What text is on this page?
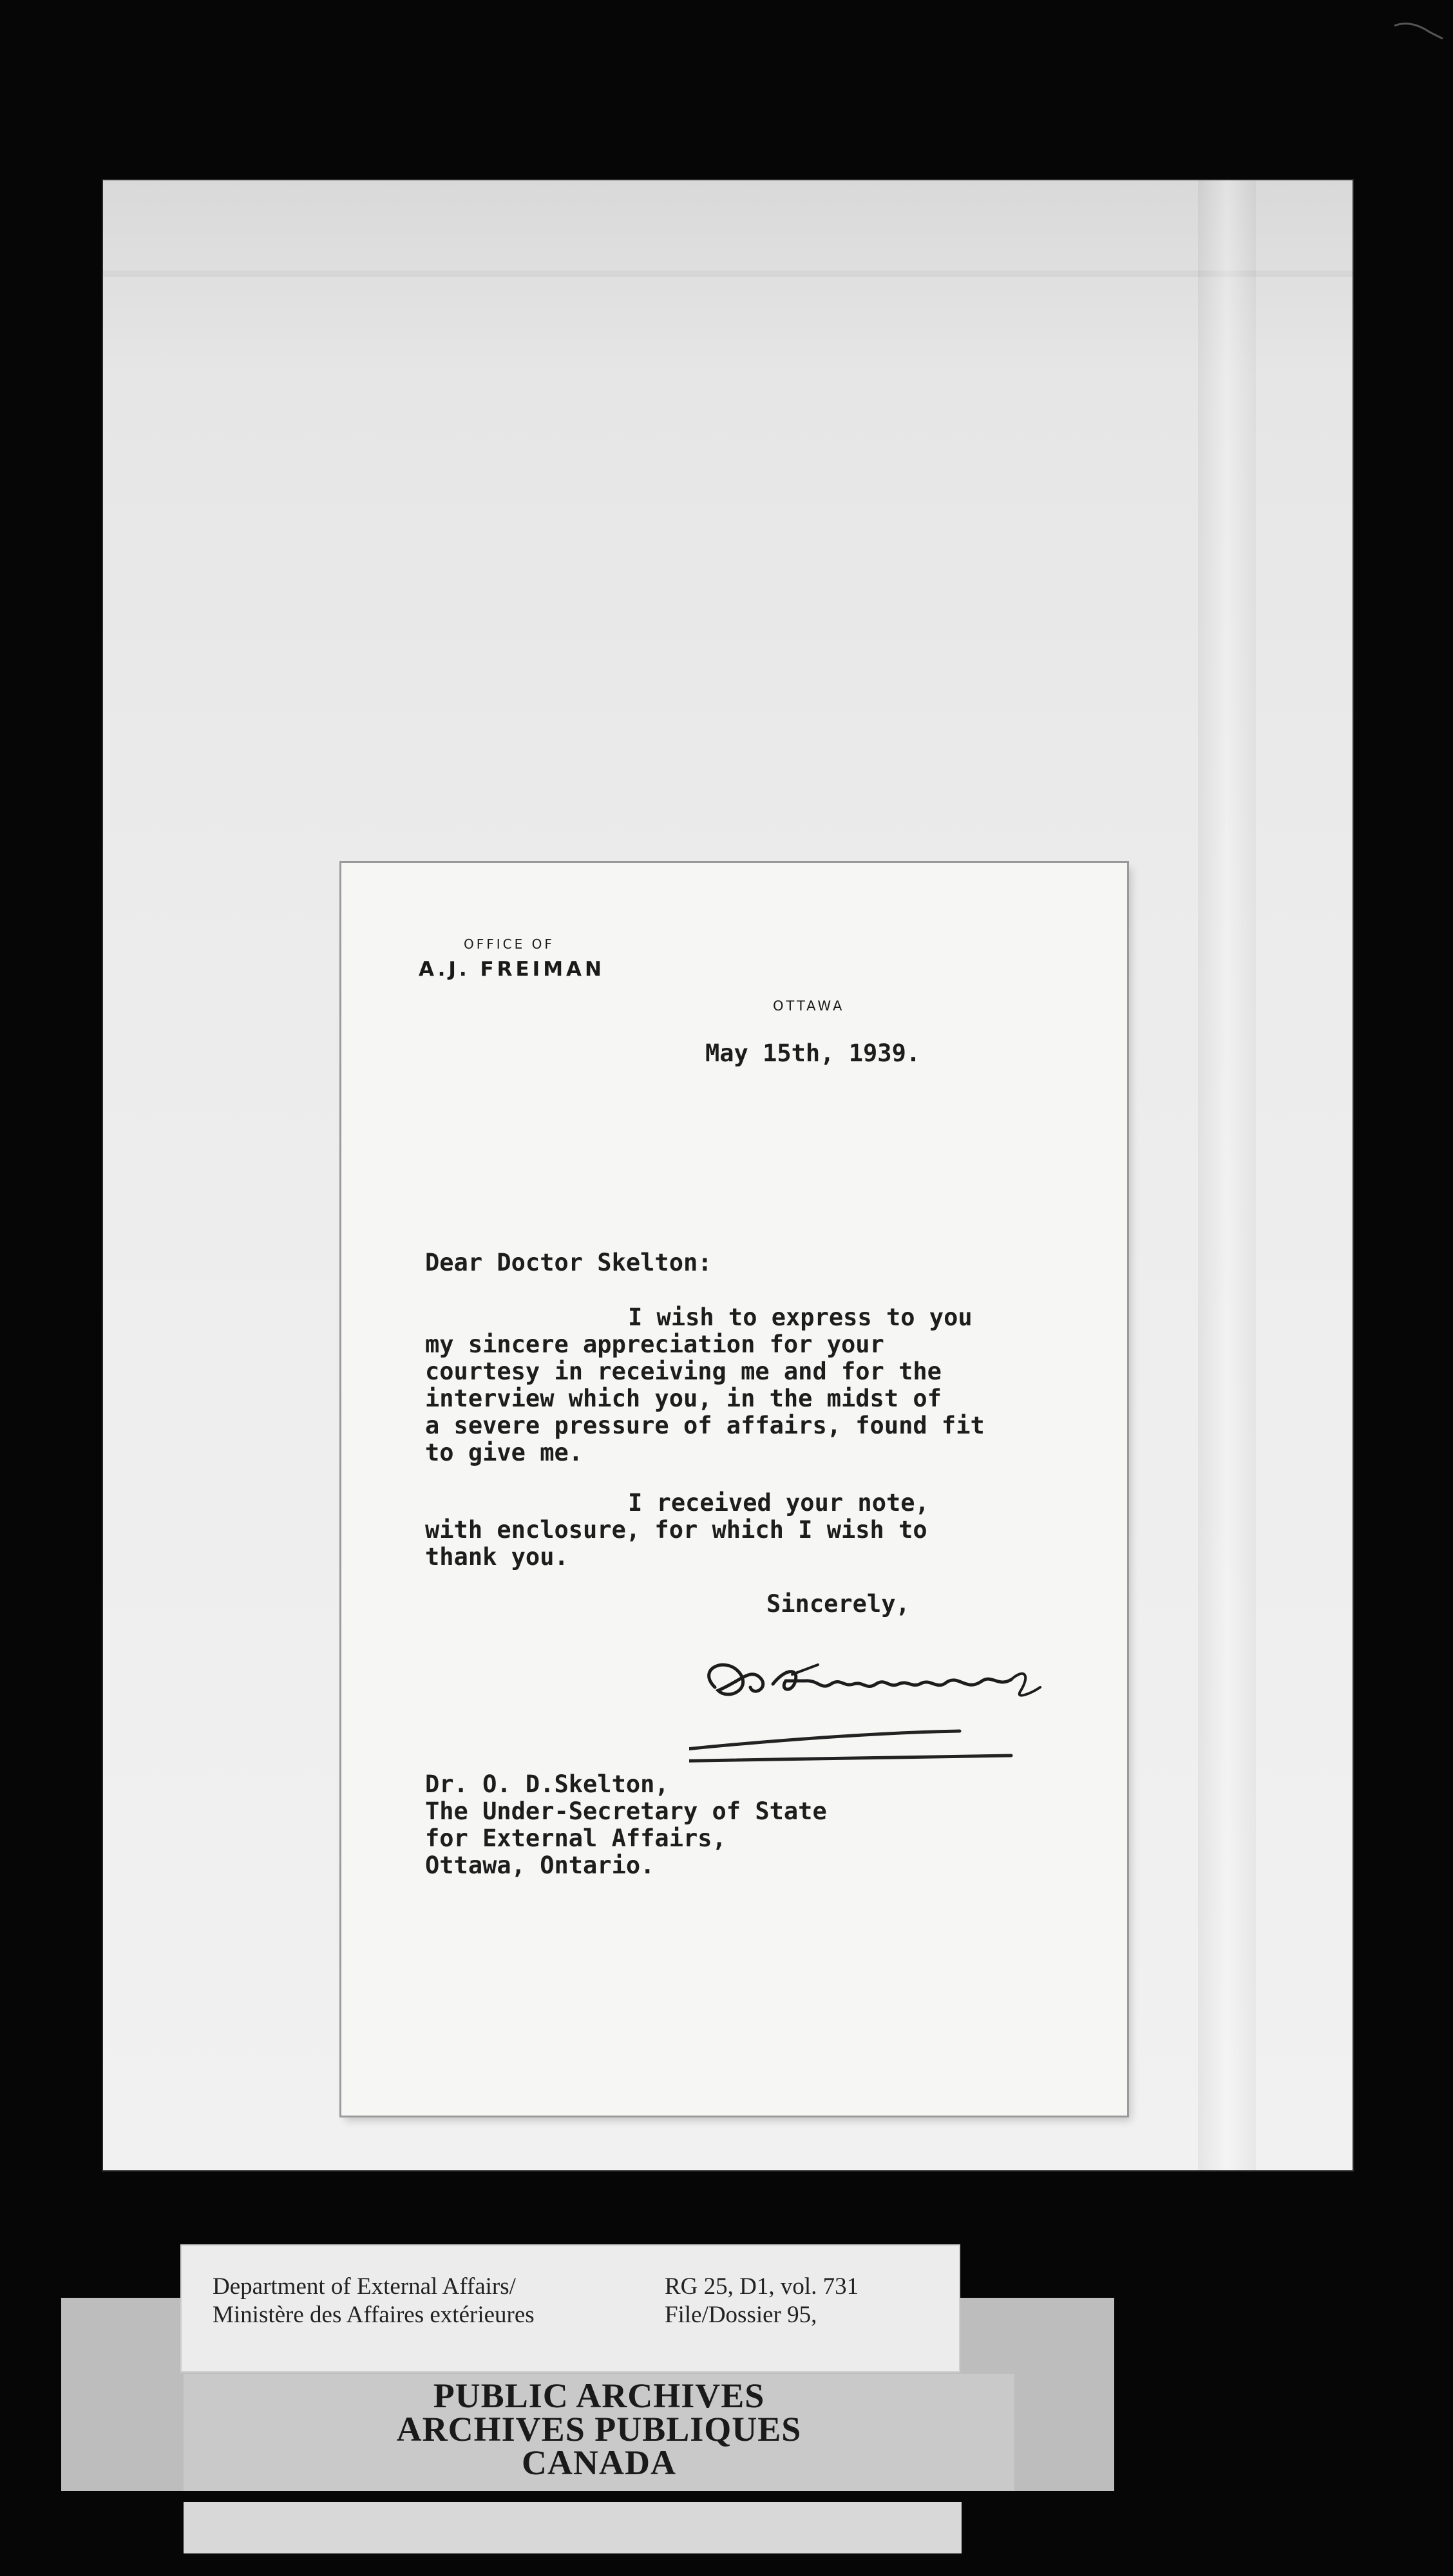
OFFICE OF
A.J. FREIMAN
OTTAWA
May 15th, 1939.
Dear Doctor Skelton:
I wish to express to you
my sincere appreciation for your
courtesy in receiving me and for the
interview which you, in the midst of
a severe pressure of affairs, found fit
to give me.
I received your note,
with enclosure, for which I wish to
thank you.
Sincerely,
Dr. O. D.Skelton,
The Under-Secretary of State
for External Affairs,
Ottawa, Ontario.
PUBLIC ARCHIVES
ARCHIVES PUBLIQUES
CANADA
Department of External Affairs/
Ministère des Affaires extérieures
RG 25, D1, vol. 731
File/Dossier 95,
